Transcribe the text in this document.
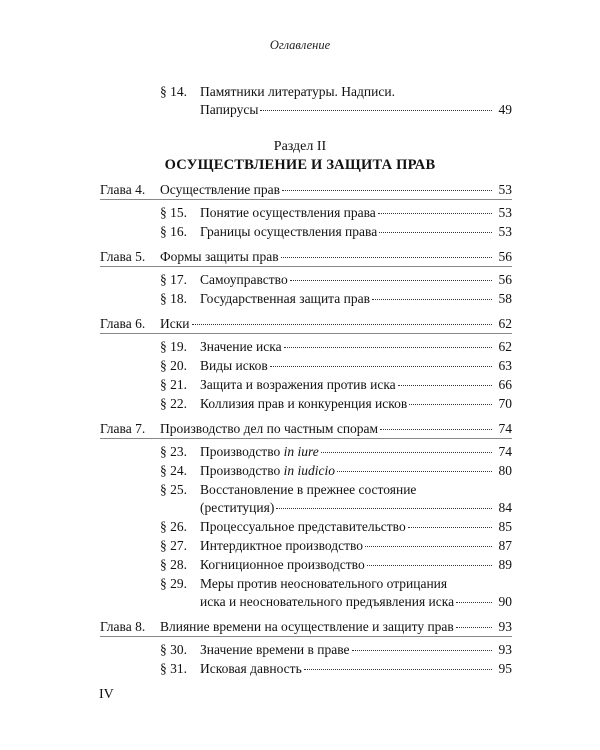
Оглавление
§ 14. Памятники литературы. Надписи.
Папирусы	49
Раздел II
ОСУЩЕСТВЛЕНИЕ И ЗАЩИТА ПРАВ
Глава 4. Осуществление прав	53
§ 15. Понятие осуществления права	53
§ 16. Границы осуществления права	53
Глава 5. Формы защиты прав	56
§ 17. Самоуправство	56
§ 18. Государственная защита прав	58
Глава 6. Иски	62
§ 19. Значение иска	62
§ 20. Виды исков	63
§ 21. Защита и возражения против иска	66
§ 22. Коллизия прав и конкуренция исков	70
Глава 7. Производство дел по частным спорам	74
§ 23. Производство in iure	74
§ 24. Производство in iudicio	80
§ 25. Восстановление в прежнее состояние
(реституция)	84
§ 26. Процессуальное представительство	85
§ 27. Интердиктное производство	87
§ 28. Когниционное производство	89
§ 29. Меры против неосновательного отрицания
иска и неосновательного предъявления иска	90
Глава 8. Влияние времени на осуществление и защиту прав	93
§ 30. Значение времени в праве	93
§ 31. Исковая давность	95
IV
